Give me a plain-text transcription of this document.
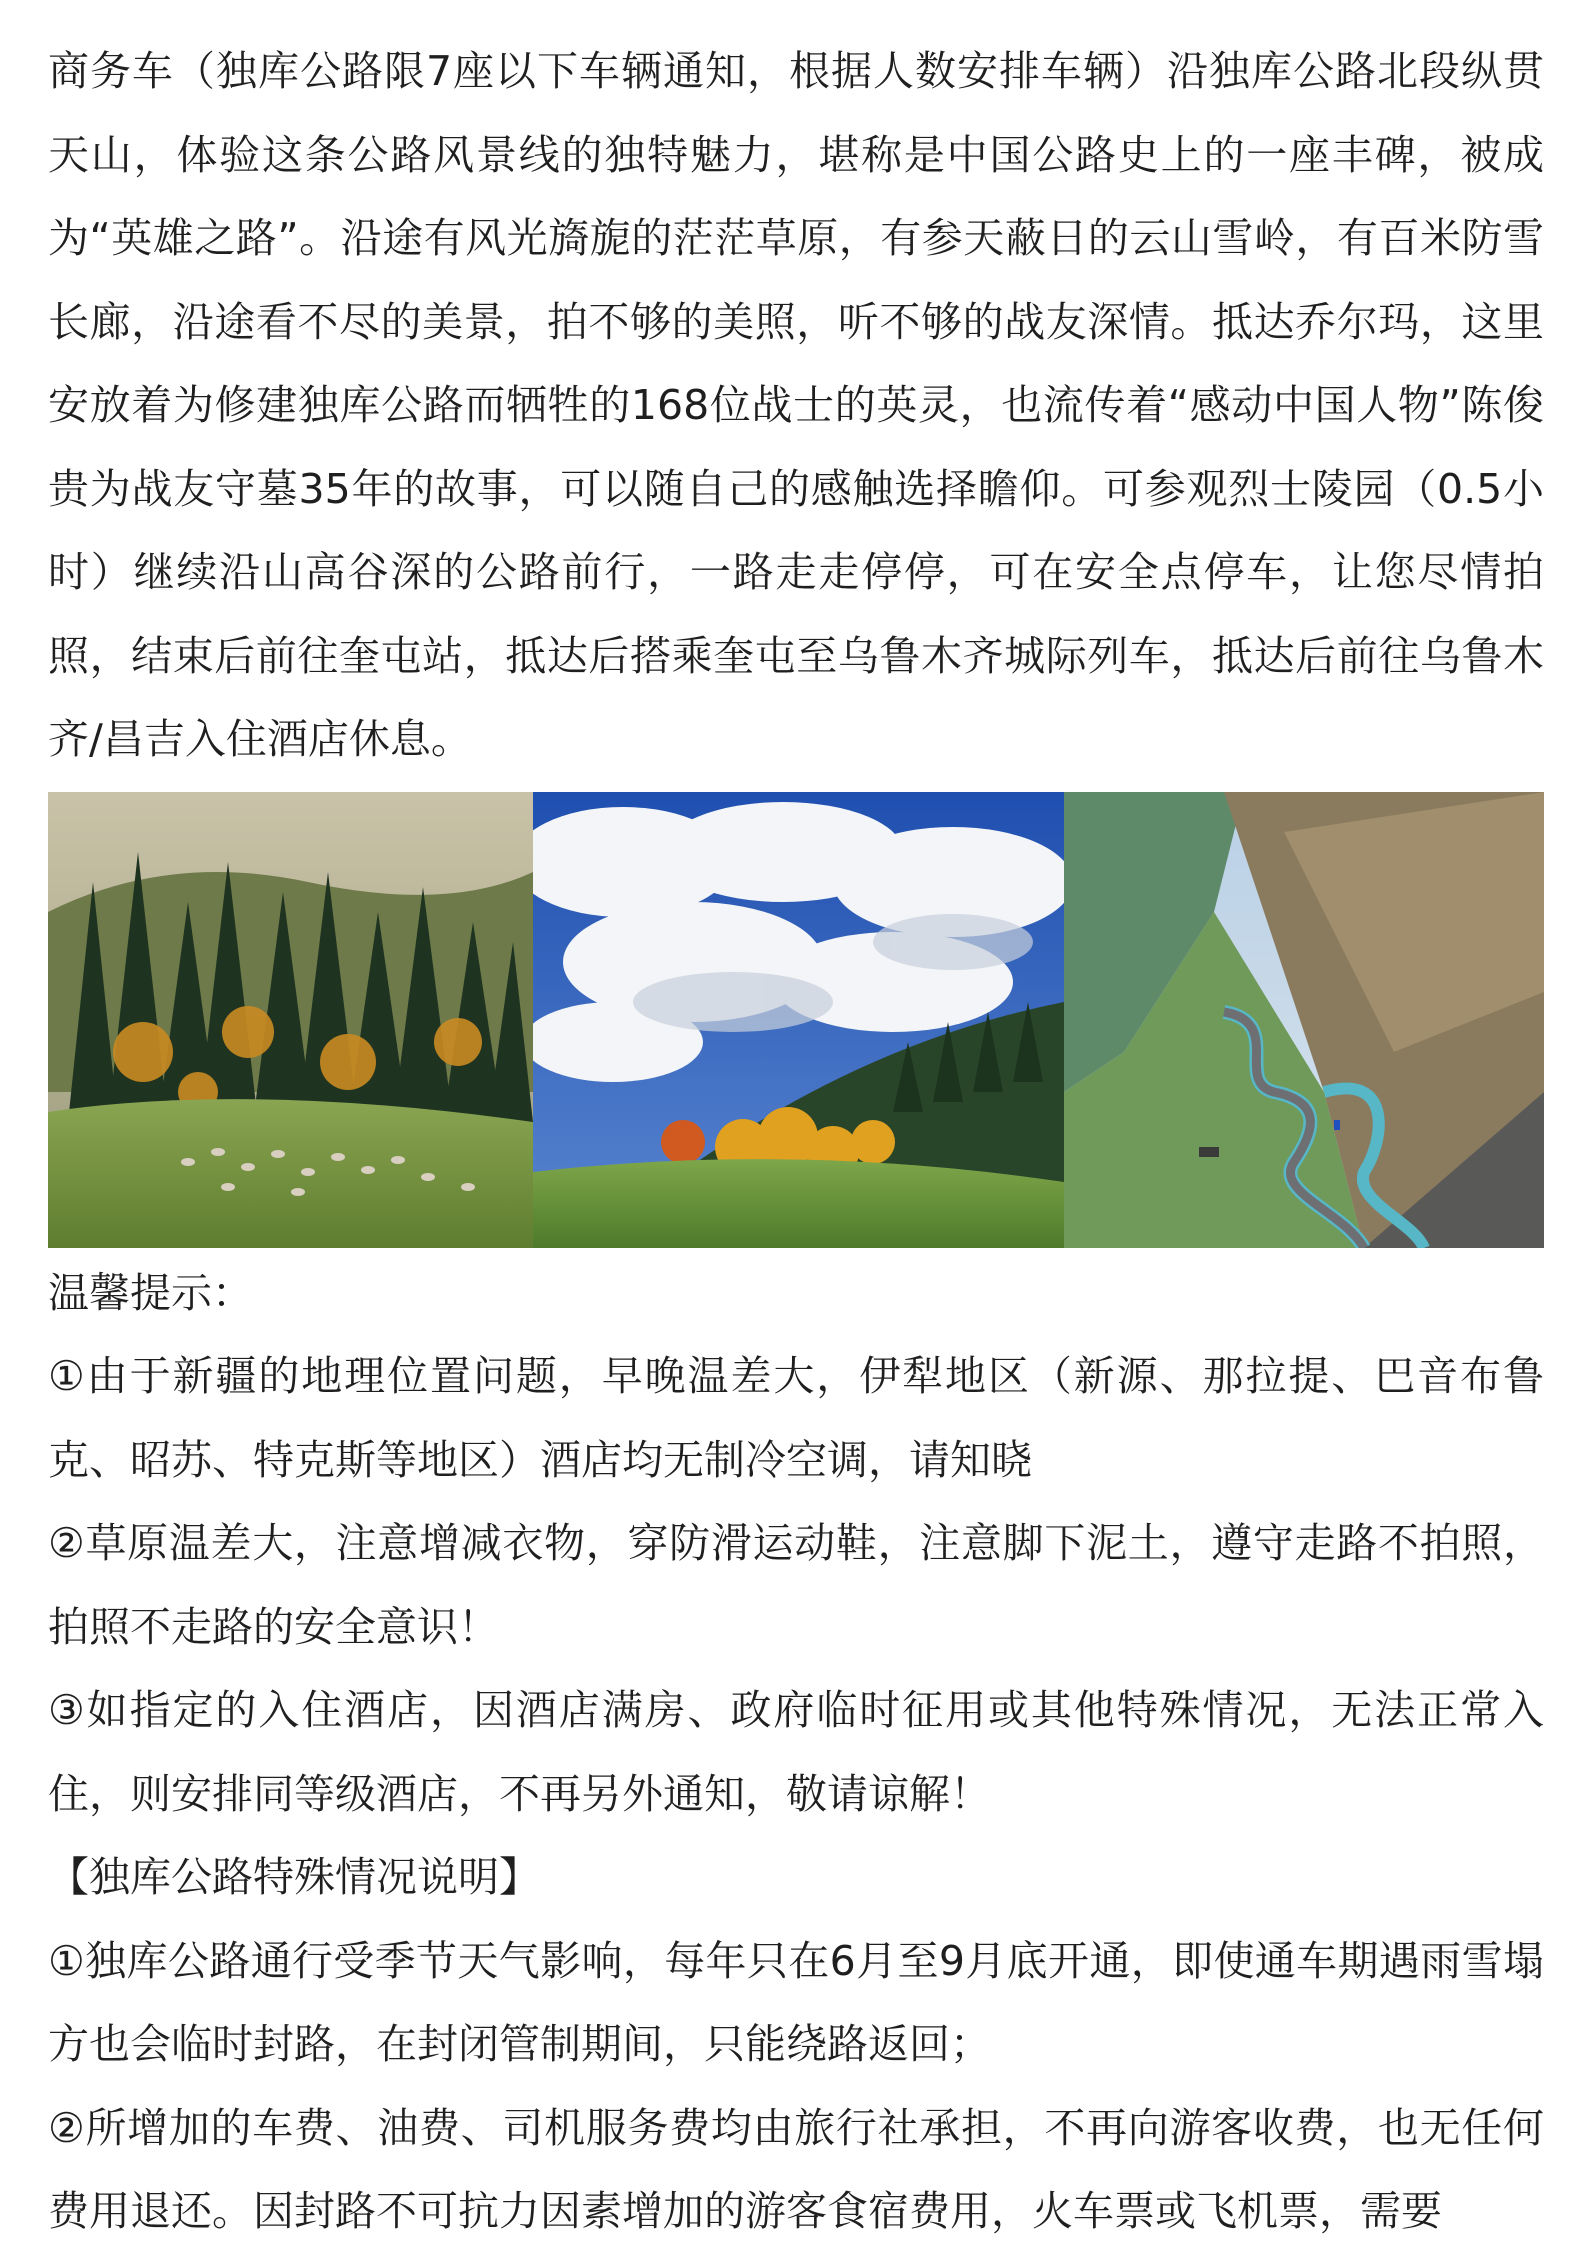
商务车（独库公路限7座以下车辆通知，根据人数安排车辆）沿独库公路北段纵贯天山，体验这条公路风景线的独特魅力，堪称是中国公路史上的一座丰碑，被成为“英雄之路”。沿途有风光旖旎的茫茫草原，有参天蔽日的云山雪岭，有百米防雪长廊，沿途看不尽的美景，拍不够的美照，听不够的战友深情。抵达乔尔玛，这里安放着为修建独库公路而牺牲的168位战士的英灵，也流传着“感动中国人物”陈俊贵为战友守墓35年的故事，可以随自己的感触选择瞻仰。可参观烈士陵园（0.5小时）继续沿山高谷深的公路前行，一路走走停停，可在安全点停车，让您尽情拍照，结束后前往奎屯站，抵达后搭乘奎屯至乌鲁木齐城际列车，抵达后前往乌鲁木齐/昌吉入住酒店休息。

温馨提示：

①由于新疆的地理位置问题，早晚温差大，伊犁地区（新源、那拉提、巴音布鲁克、昭苏、特克斯等地区）酒店均无制冷空调，请知晓

②草原温差大，注意增减衣物，穿防滑运动鞋，注意脚下泥土，遵守走路不拍照，拍照不走路的安全意识！

③如指定的入住酒店，因酒店满房、政府临时征用或其他特殊情况，无法正常入住，则安排同等级酒店，不再另外通知，敬请谅解！

【独库公路特殊情况说明】

①独库公路通行受季节天气影响，每年只在6月至9月底开通，即使通车期遇雨雪塌方也会临时封路，在封闭管制期间，只能绕路返回；

②所增加的车费、油费、司机服务费均由旅行社承担，不再向游客收费，也无任何费用退还。因封路不可抗力因素增加的游客食宿费用，火车票或飞机票，需要
